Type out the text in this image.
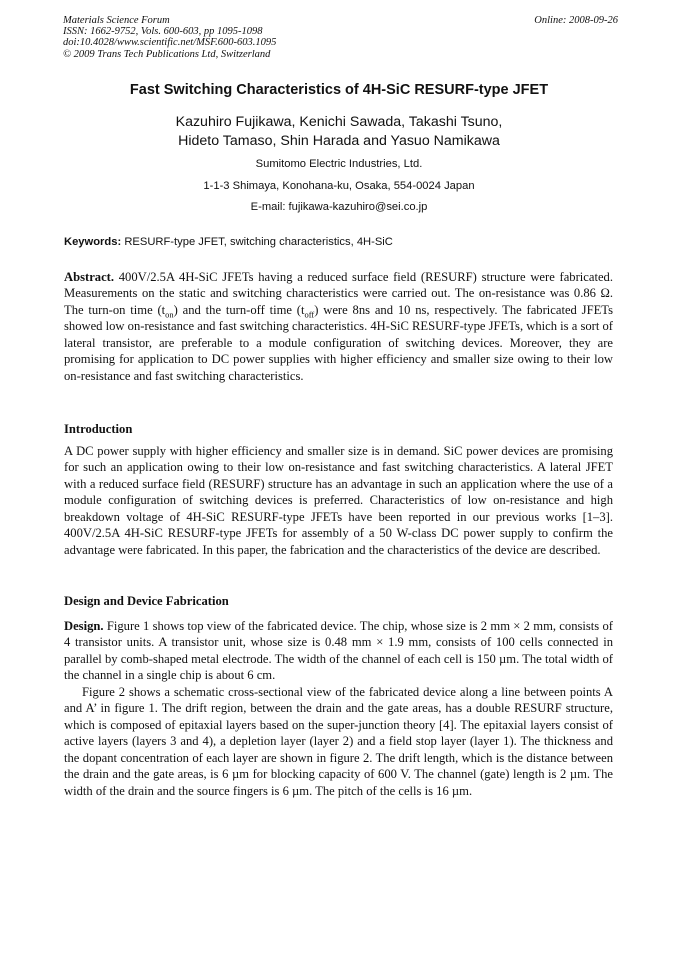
Materials Science Forum
ISSN: 1662-9752, Vols. 600-603, pp 1095-1098
doi:10.4028/www.scientific.net/MSF.600-603.1095
© 2009 Trans Tech Publications Ltd, Switzerland
Online: 2008-09-26
Fast Switching Characteristics of 4H-SiC RESURF-type JFET
Kazuhiro Fujikawa, Kenichi Sawada, Takashi Tsuno,
Hideto Tamaso, Shin Harada and Yasuo Namikawa
Sumitomo Electric Industries, Ltd.
1-1-3 Shimaya, Konohana-ku, Osaka, 554-0024 Japan
E-mail: fujikawa-kazuhiro@sei.co.jp
Keywords: RESURF-type JFET, switching characteristics, 4H-SiC
Abstract. 400V/2.5A 4H-SiC JFETs having a reduced surface field (RESURF) structure were fabricated. Measurements on the static and switching characteristics were carried out. The on-resistance was 0.86 Ω. The turn-on time $(t_{on})$ and the turn-off time $(t_{off})$ were 8ns and 10 ns, respectively. The fabricated JFETs showed low on-resistance and fast switching characteristics. 4H-SiC RESURF-type JFETs, which is a sort of lateral transistor, are preferable to a module configuration of switching devices. Moreover, they are promising for application to DC power supplies with higher efficiency and smaller size owing to their low on-resistance and fast switching characteristics.
Introduction
A DC power supply with higher efficiency and smaller size is in demand. SiC power devices are promising for such an application owing to their low on-resistance and fast switching characteristics. A lateral JFET with a reduced surface field (RESURF) structure has an advantage in such an application where the use of a module configuration of switching devices is preferred. Characteristics of low on-resistance and high breakdown voltage of 4H-SiC RESURF-type JFETs have been reported in our previous works [1–3]. 400V/2.5A 4H-SiC RESURF-type JFETs for assembly of a 50 W-class DC power supply to confirm the advantage were fabricated. In this paper, the fabrication and the characteristics of the device are described.
Design and Device Fabrication
Design. Figure 1 shows top view of the fabricated device. The chip, whose size is 2 mm × 2 mm, consists of 4 transistor units. A transistor unit, whose size is 0.48 mm × 1.9 mm, consists of 100 cells connected in parallel by comb-shaped metal electrode. The width of the channel of each cell is 150 µm. The total width of the channel in a single chip is about 6 cm.
Figure 2 shows a schematic cross-sectional view of the fabricated device along a line between points A and A’ in figure 1. The drift region, between the drain and the gate areas, has a double RESURF structure, which is composed of epitaxial layers based on the super-junction theory [4]. The epitaxial layers consist of active layers (layers 3 and 4), a depletion layer (layer 2) and a field stop layer (layer 1). The thickness and the dopant concentration of each layer are shown in figure 2. The drift length, which is the distance between the drain and the gate areas, is 6 µm for blocking capacity of 600 V. The channel (gate) length is 2 µm. The width of the drain and the source fingers is 6 µm. The pitch of the cells is 16 µm.
